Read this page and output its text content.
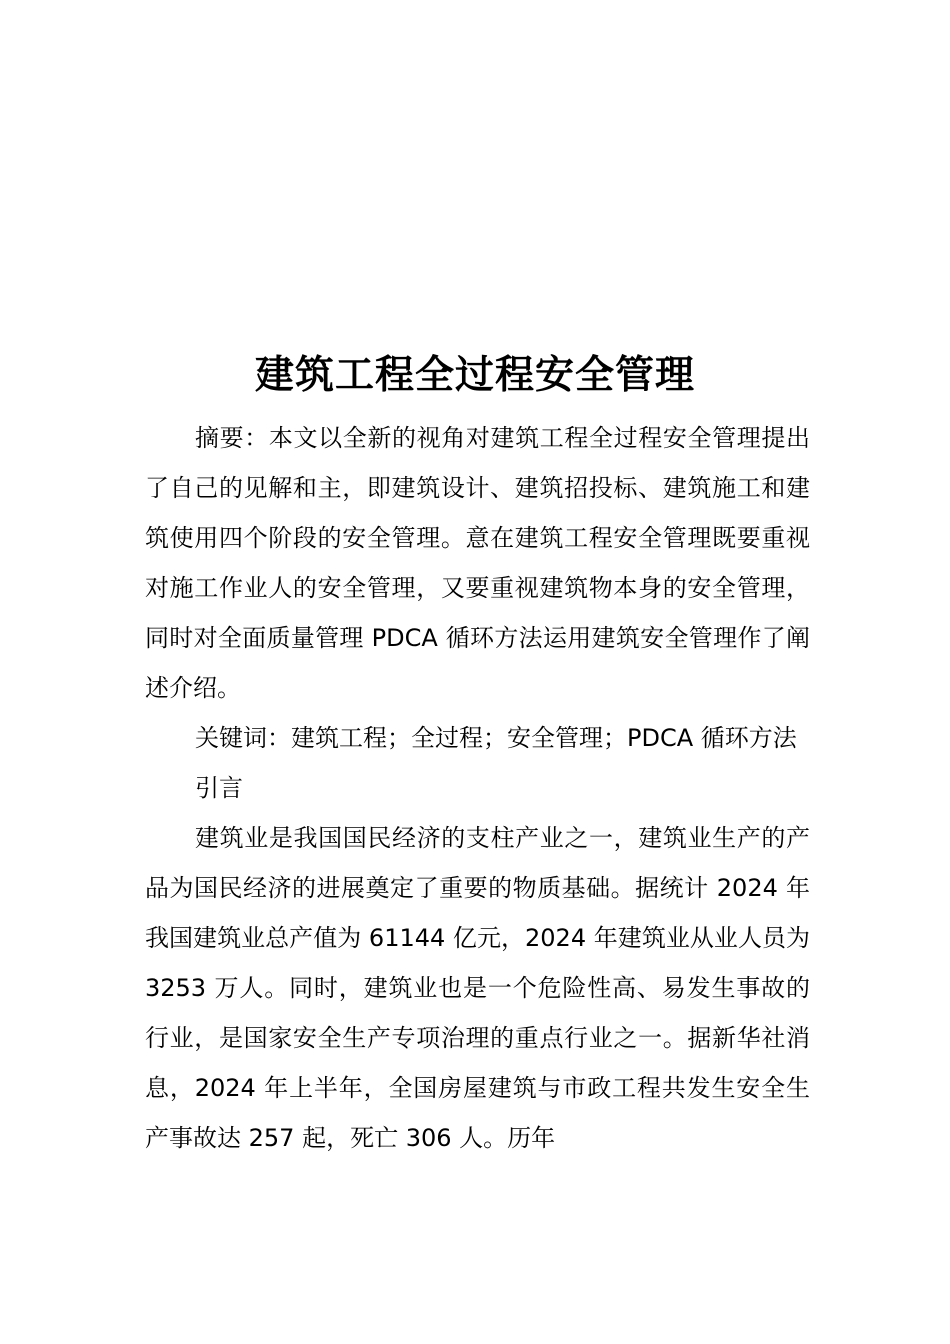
建筑工程全过程安全管理

摘要：本文以全新的视角对建筑工程全过程安全管理提出了自己的见解和主，即建筑设计、建筑招投标、建筑施工和建筑使用四个阶段的安全管理。意在建筑工程安全管理既要重视对施工作业人的安全管理，又要重视建筑物本身的安全管理，同时对全面质量管理 PDCA 循环方法运用建筑安全管理作了阐述介绍。

关键词：建筑工程；全过程；安全管理；PDCA 循环方法

引言

建筑业是我国国民经济的支柱产业之一，建筑业生产的产品为国民经济的进展奠定了重要的物质基础。据统计 2024 年我国建筑业总产值为 61144 亿元，2024 年建筑业从业人员为 3253 万人。同时，建筑业也是一个危险性高、易发生事故的行业，是国家安全生产专项治理的重点行业之一。据新华社消息，2024 年上半年，全国房屋建筑与市政工程共发生安全生产事故达 257 起，死亡 306 人。历年
